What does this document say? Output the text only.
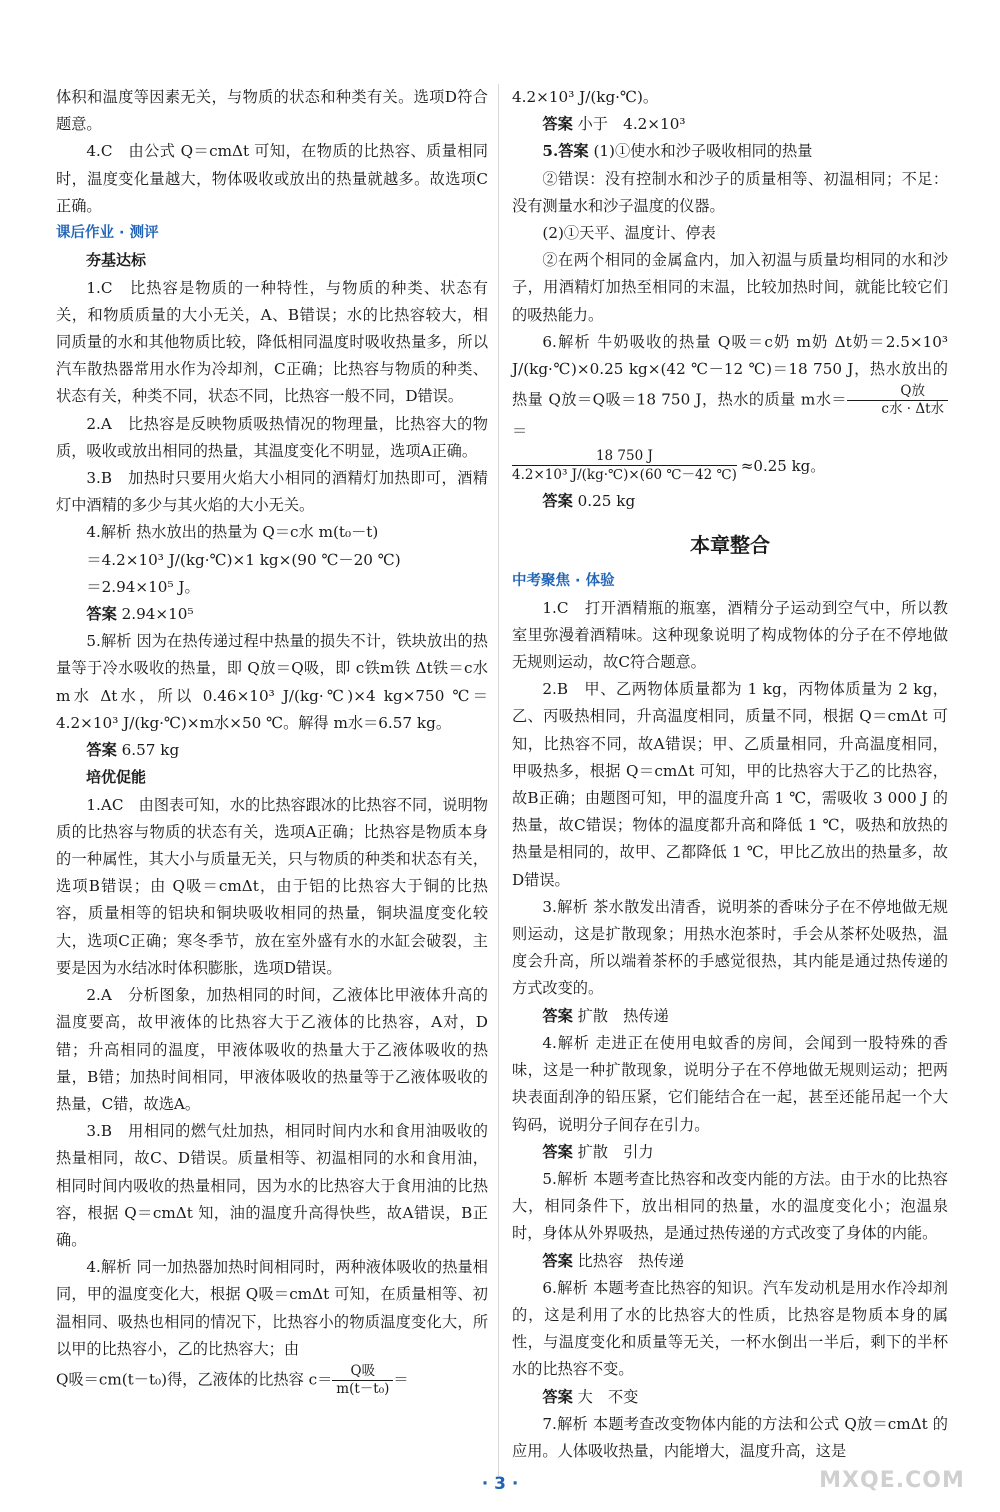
体积和温度等因素无关，与物质的状态和种类有关。选项D符合题意。

4.C　由公式 Q＝cmΔt 可知，在物质的比热容、质量相同时，温度变化量越大，物体吸收或放出的热量就越多。故选项C正确。

课后作业 · 测评

夯基达标

1.C　比热容是物质的一种特性，与物质的种类、状态有关，和物质质量的大小无关，A、B错误；水的比热容较大，相同质量的水和其他物质比较，降低相同温度时吸收热量多，所以汽车散热器常用水作为冷却剂，C正确；比热容与物质的种类、状态有关，种类不同，状态不同，比热容一般不同，D错误。

2.A　比热容是反映物质吸热情况的物理量，比热容大的物质，吸收或放出相同的热量，其温度变化不明显，选项A正确。

3.B　加热时只要用火焰大小相同的酒精灯加热即可，酒精灯中酒精的多少与其火焰的大小无关。

4.解析 热水放出的热量为 Q＝c水 m(t₀－t)

＝4.2×10³ J/(kg·℃)×1 kg×(90 ℃－20 ℃)

＝2.94×10⁵ J。

答案 2.94×10⁵

5.解析 因为在热传递过程中热量的损失不计，铁块放出的热量等于冷水吸收的热量，即 Q放＝Q吸，即 c铁m铁 Δt铁＝c水m水 Δt水，所以 0.46×10³ J/(kg·℃)×4 kg×750 ℃＝4.2×10³ J/(kg·℃)×m水×50 ℃。解得 m水＝6.57 kg。

答案 6.57 kg

培优促能

1.AC　由图表可知，水的比热容跟冰的比热容不同，说明物质的比热容与物质的状态有关，选项A正确；比热容是物质本身的一种属性，其大小与质量无关，只与物质的种类和状态有关，选项B错误；由 Q吸＝cmΔt，由于铝的比热容大于铜的比热容，质量相等的铝块和铜块吸收相同的热量，铜块温度变化较大，选项C正确；寒冬季节，放在室外盛有水的水缸会破裂，主要是因为水结冰时体积膨胀，选项D错误。

2.A　分析图象，加热相同的时间，乙液体比甲液体升高的温度要高，故甲液体的比热容大于乙液体的比热容，A对，D错；升高相同的温度，甲液体吸收的热量大于乙液体吸收的热量，B错；加热时间相同，甲液体吸收的热量等于乙液体吸收的热量，C错，故选A。

3.B　用相同的燃气灶加热，相同时间内水和食用油吸收的热量相同，故C、D错误。质量相等、初温相同的水和食用油，相同时间内吸收的热量相同，因为水的比热容大于食用油的比热容，根据 Q＝cmΔt 知，油的温度升高得快些，故A错误，B正确。

4.解析 同一加热器加热时间相同时，两种液体吸收的热量相同，甲的温度变化大，根据 Q吸＝cmΔt 可知，在质量相等、初温相同、吸热也相同的情况下，比热容小的物质温度变化大，所以甲的比热容小，乙的比热容大；由

Q吸＝cm(t－t₀)得，乙液体的比热容 $c= \frac{\text{Q吸}}{\text{m(t－t₀)}}$ ＝

4.2×10³ J/(kg·℃)。

答案 小于　4.2×10³

5.答案 (1)①使水和沙子吸收相同的热量

②错误：没有控制水和沙子的质量相等、初温相同；不足：没有测量水和沙子温度的仪器。

(2)①天平、温度计、停表

②在两个相同的金属盒内，加入初温与质量均相同的水和沙子，用酒精灯加热至相同的末温，比较加热时间，就能比较它们的吸热能力。

6.解析 牛奶吸收的热量 Q吸＝c奶 m奶 Δt奶＝2.5×10³ J/(kg·℃)×0.25 kg×(42 ℃－12 ℃)＝18 750 J，热水放出的热量 Q放＝Q吸＝18 750 J，热水的质量 m水＝ $\frac{\text{Q放}}{\text{c水 · Δt水}}$
＝

$\frac{18 750 J}{\text{4.2×10³ J/(kg·℃)×(60 ℃－42 ℃)}} \approx 0.25$ kg。

答案 0.25 kg

本章整合

中考聚焦 · 体验

1.C　打开酒精瓶的瓶塞，酒精分子运动到空气中，所以教室里弥漫着酒精味。这种现象说明了构成物体的分子在不停地做无规则运动，故C符合题意。

2.B　甲、乙两物体质量都为 1 kg，丙物体质量为 2 kg，乙、丙吸热相同，升高温度相同，质量不同，根据 Q＝cmΔt 可知，比热容不同，故A错误；甲、乙质量相同，升高温度相同，甲吸热多，根据 Q＝cmΔt 可知，甲的比热容大于乙的比热容，故B正确；由题图可知，甲的温度升高 1 ℃，需吸收 3 000 J 的热量，故C错误；物体的温度都升高和降低 1 ℃，吸热和放热的热量是相同的，故甲、乙都降低 1 ℃，甲比乙放出的热量多，故D错误。

3.解析 茶水散发出清香，说明茶的香味分子在不停地做无规则运动，这是扩散现象；用热水泡茶时，手会从茶杯处吸热，温度会升高，所以端着茶杯的手感觉很热，其内能是通过热传递的方式改变的。

答案 扩散　热传递

4.解析 走进正在使用电蚊香的房间，会闻到一股特殊的香味，这是一种扩散现象，说明分子在不停地做无规则运动；把两块表面刮净的铅压紧，它们能结合在一起，甚至还能吊起一个大钩码，说明分子间存在引力。

答案 扩散　引力

5.解析 本题考查比热容和改变内能的方法。由于水的比热容大，相同条件下，放出相同的热量，水的温度变化小；泡温泉时，身体从外界吸热，是通过热传递的方式改变了身体的内能。

答案 比热容　热传递

6.解析 本题考查比热容的知识。汽车发动机是用水作冷却剂的，这是利用了水的比热容大的性质，比热容是物质本身的属性，与温度变化和质量等无关，一杯水倒出一半后，剩下的半杯水的比热容不变。

答案 大　不变

7.解析 本题考查改变物体内能的方法和公式 Q放＝cmΔt 的应用。人体吸收热量，内能增大，温度升高，这是

· 3 ·	MXQE.COM
